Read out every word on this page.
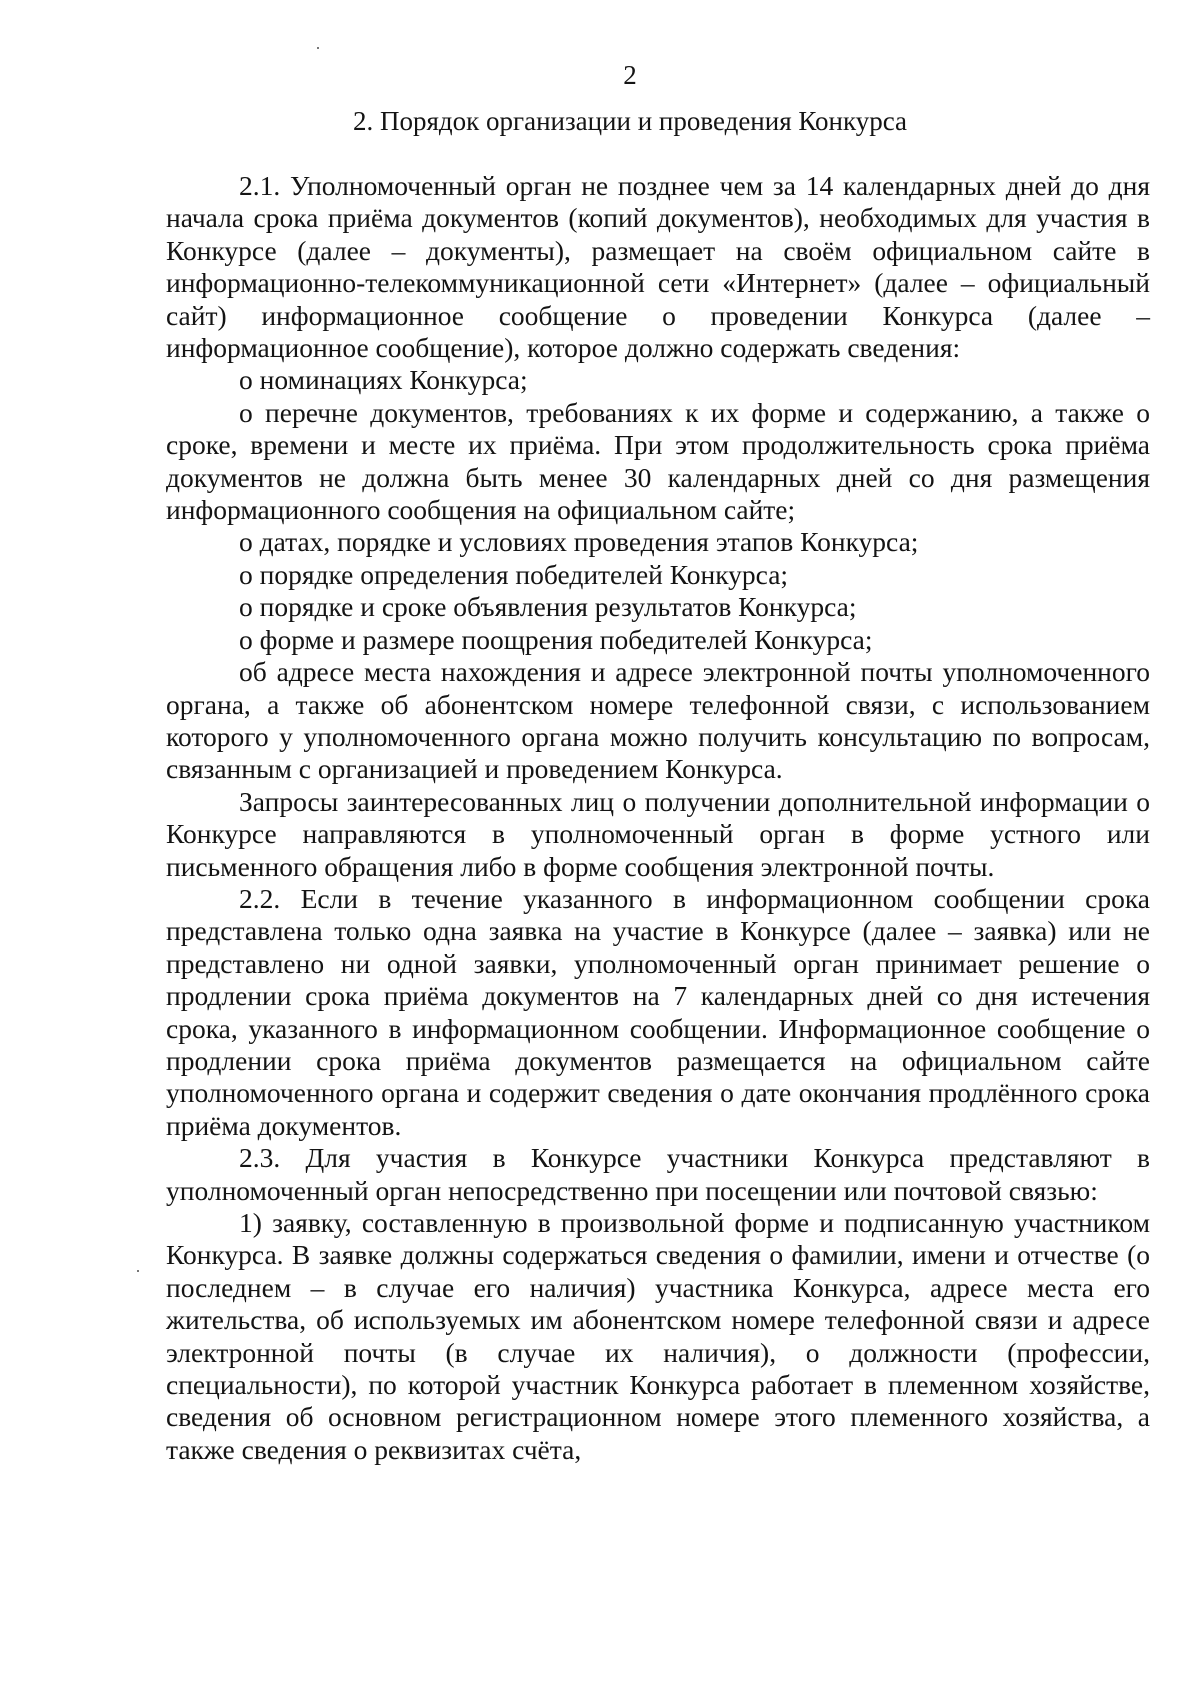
2
2. Порядок организации и проведения Конкурса

2.1. Уполномоченный орган не позднее чем за 14 календарных дней до дня начала срока приёма документов (копий документов), необходимых для участия в Конкурсе (далее – документы), размещает на своём официальном сайте в информационно-телекоммуникационной сети «Интернет» (далее – официальный сайт) информационное сообщение о проведении Конкурса (далее – информационное сообщение), которое должно содержать сведения:

о номинациях Конкурса;

о перечне документов, требованиях к их форме и содержанию, а также о сроке, времени и месте их приёма. При этом продолжительность срока приёма документов не должна быть менее 30 календарных дней со дня размещения информационного сообщения на официальном сайте;

о датах, порядке и условиях проведения этапов Конкурса;

о порядке определения победителей Конкурса;

о порядке и сроке объявления результатов Конкурса;

о форме и размере поощрения победителей Конкурса;

об адресе места нахождения и адресе электронной почты уполномоченного органа, а также об абонентском номере телефонной связи, с использованием которого у уполномоченного органа можно получить консультацию по вопросам, связанным с организацией и проведением Конкурса.

Запросы заинтересованных лиц о получении дополнительной информации о Конкурсе направляются в уполномоченный орган в форме устного или письменного обращения либо в форме сообщения электронной почты.

2.2. Если в течение указанного в информационном сообщении срока представлена только одна заявка на участие в Конкурсе (далее – заявка) или не представлено ни одной заявки, уполномоченный орган принимает решение о продлении срока приёма документов на 7 календарных дней со дня истечения срока, указанного в информационном сообщении. Информационное сообщение о продлении срока приёма документов размещается на официальном сайте уполномоченного органа и содержит сведения о дате окончания продлённого срока приёма документов.

2.3. Для участия в Конкурсе участники Конкурса представляют в уполномоченный орган непосредственно при посещении или почтовой связью:

1) заявку, составленную в произвольной форме и подписанную участником Конкурса. В заявке должны содержаться сведения о фамилии, имени и отчестве (о последнем – в случае его наличия) участника Конкурса, адресе места его жительства, об используемых им абонентском номере телефонной связи и адресе электронной почты (в случае их наличия), о должности (профессии, специальности), по которой участник Конкурса работает в племенном хозяйстве, сведения об основном регистрационном номере этого племенного хозяйства, а также сведения о реквизитах счёта,
